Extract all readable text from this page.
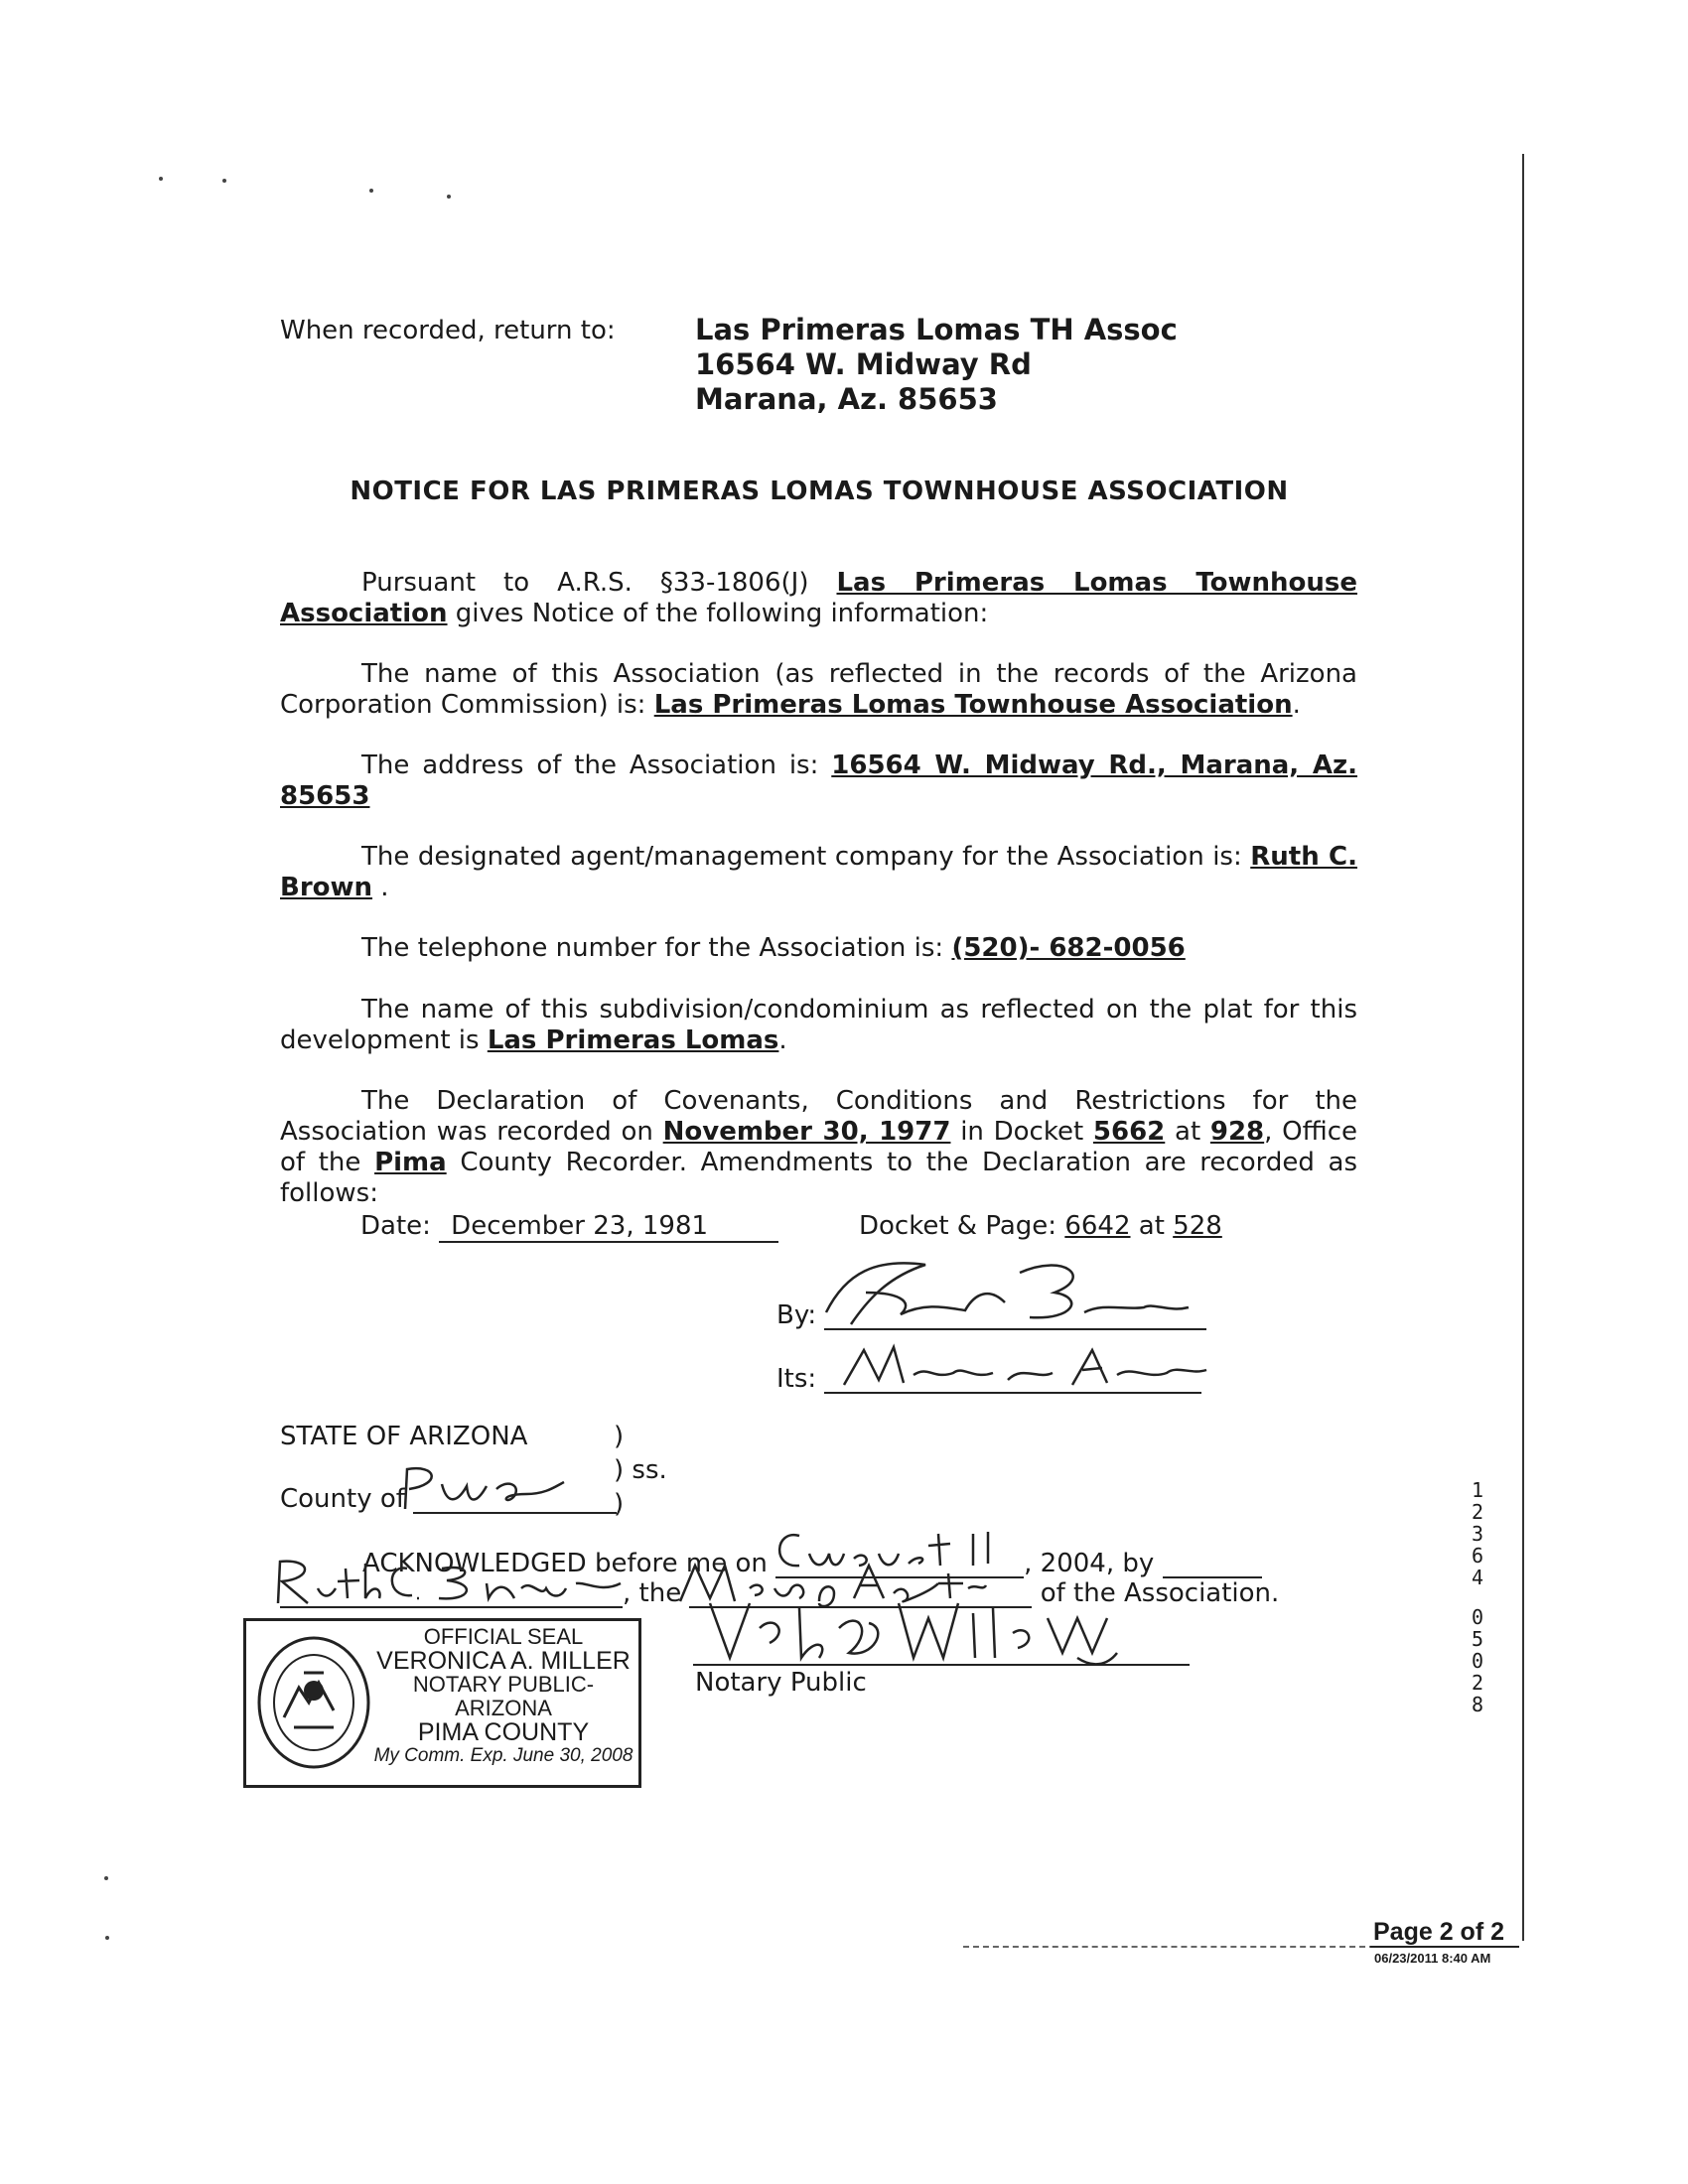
When recorded, return to:	Las Primeras Lomas TH Assoc
16564 W. Midway Rd
Marana, Az. 85653
NOTICE FOR LAS PRIMERAS LOMAS TOWNHOUSE ASSOCIATION
Pursuant to A.R.S. §33-1806(J) Las Primeras Lomas Townhouse Association gives Notice of the following information:
The name of this Association (as reflected in the records of the Arizona Corporation Commission) is: Las Primeras Lomas Townhouse Association.
The address of the Association is: 16564 W. Midway Rd., Marana, Az. 85653
The designated agent/management company for the Association is: Ruth C. Brown .
The telephone number for the Association is: (520)- 682-0056
The name of this subdivision/condominium as reflected on the plat for this development is Las Primeras Lomas.
The Declaration of Covenants, Conditions and Restrictions for the Association was recorded on November 30, 1977 in Docket 5662 at 928, Office of the Pima County Recorder. Amendments to the Declaration are recorded as follows:
Date: December 23, 1981	Docket & Page: 6642 at 528
By:
Its:
STATE OF ARIZONA	)
) ss.
)
County of
ACKNOWLEDGED before me on	, 2004, by
, the	of the Association.
Notary Public
OFFICIAL SEAL
VERONICA A. MILLER
NOTARY PUBLIC-ARIZONA
PIMA COUNTY
My Comm. Exp. June 30, 2008
1
2
3
6
4
0
5
0
2
8
Page 2 of 2
06/23/2011 8:40 AM
